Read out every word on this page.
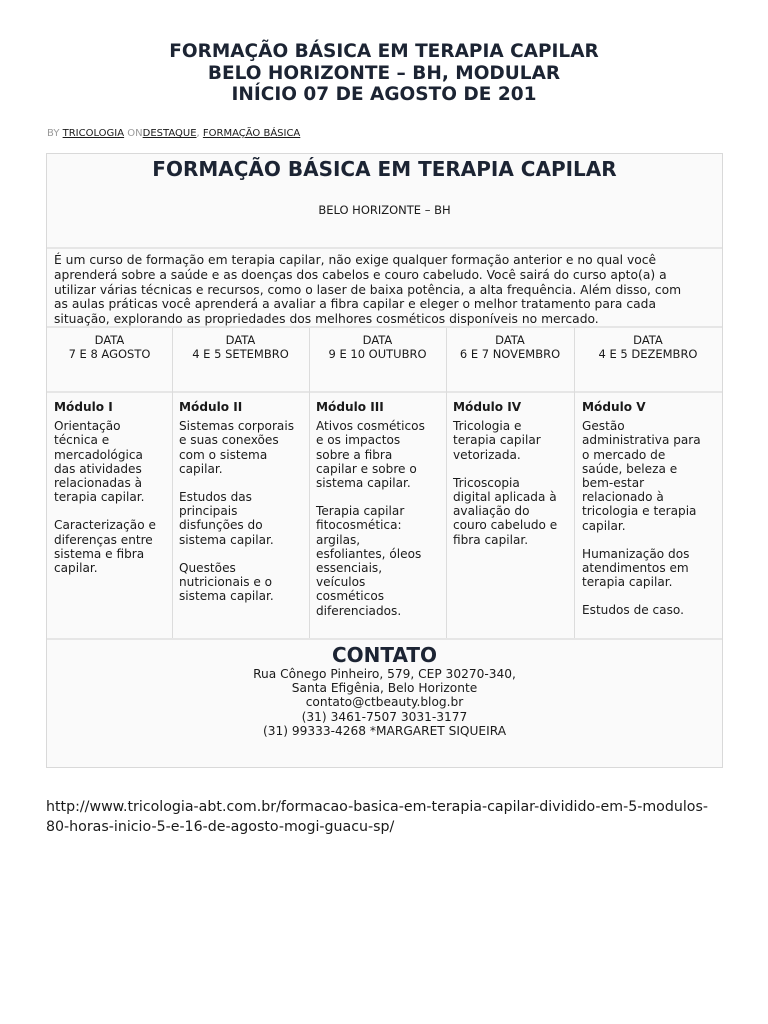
FORMAÇÃO BÁSICA EM TERAPIA CAPILAR
BELO HORIZONTE – BH, MODULAR
INÍCIO 07 DE AGOSTO DE 201
BY TRICOLOGIA ONDESTAQUE, FORMAÇÃO BÁSICA
FORMAÇÃO BÁSICA EM TERAPIA CAPILAR
BELO HORIZONTE – BH
É um curso de formação em terapia capilar, não exige qualquer formação anterior e no qual você
aprenderá sobre a saúde e as doenças dos cabelos e couro cabeludo. Você sairá do curso apto(a) a
utilizar várias técnicas e recursos, como o laser de baixa potência, a alta frequência. Além disso, com
as aulas práticas você aprenderá a avaliar a fibra capilar e eleger o melhor tratamento para cada
situação, explorando as propriedades dos melhores cosméticos disponíveis no mercado.
DATA
7 E 8 AGOSTO
DATA
4 E 5 SETEMBRO
DATA
9 E 10 OUTUBRO
DATA
6 E 7 NOVEMBRO
DATA
4 E 5 DEZEMBRO
Módulo I
Orientação
técnica e
mercadológica
das atividades
relacionadas à
terapia capilar.
Caracterização e
diferenças entre
sistema e fibra
capilar.
Módulo II
Sistemas corporais
e suas conexões
com o sistema
capilar.
Estudos das
principais
disfunções do
sistema capilar.
Questões
nutricionais e o
sistema capilar.
Módulo III
Ativos cosméticos
e os impactos
sobre a fibra
capilar e sobre o
sistema capilar.
Terapia capilar
fitocosmética:
argilas,
esfoliantes, óleos
essenciais,
veículos
cosméticos
diferenciados.
Módulo IV
Tricologia e
terapia capilar
vetorizada.
Tricoscopia
digital aplicada à
avaliação do
couro cabeludo e
fibra capilar.
Módulo V
Gestão
administrativa para
o mercado de
saúde, beleza e
bem-estar
relacionado à
tricologia e terapia
capilar.
Humanização dos
atendimentos em
terapia capilar.
Estudos de caso.
CONTATO
Rua Cônego Pinheiro, 579, CEP 30270-340,
Santa Efigênia, Belo Horizonte
contato@ctbeauty.blog.br
(31) 3461-7507 3031-3177
(31) 99333-4268 *MARGARET SIQUEIRA
http://www.tricologia-abt.com.br/formacao-basica-em-terapia-capilar-dividido-em-5-modulos-
80-horas-inicio-5-e-16-de-agosto-mogi-guacu-sp/
